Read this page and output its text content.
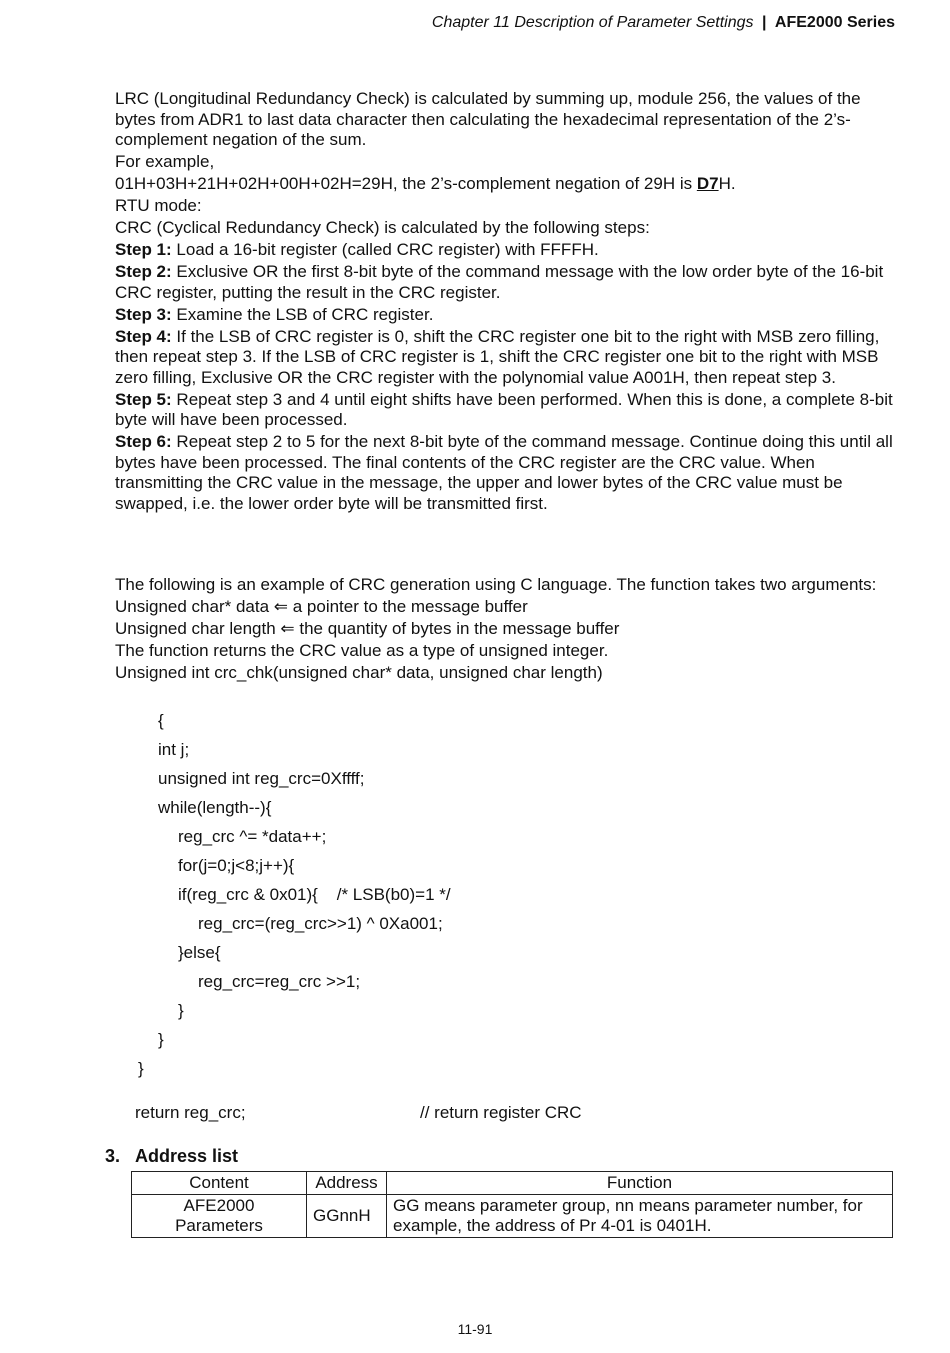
Chapter 11 Description of Parameter Settings | AFE2000 Series
LRC (Longitudinal Redundancy Check) is calculated by summing up, module 256, the values of the bytes from ADR1 to last data character then calculating the hexadecimal representation of the 2’s-complement negation of the sum.
For example,
01H+03H+21H+02H+00H+02H=29H, the 2’s-complement negation of 29H is D7H.
RTU mode:
CRC (Cyclical Redundancy Check) is calculated by the following steps:
Step 1: Load a 16-bit register (called CRC register) with FFFFH.
Step 2: Exclusive OR the first 8-bit byte of the command message with the low order byte of the 16-bit CRC register, putting the result in the CRC register.
Step 3: Examine the LSB of CRC register.
Step 4: If the LSB of CRC register is 0, shift the CRC register one bit to the right with MSB zero filling, then repeat step 3. If the LSB of CRC register is 1, shift the CRC register one bit to the right with MSB zero filling, Exclusive OR the CRC register with the polynomial value A001H, then repeat step 3.
Step 5: Repeat step 3 and 4 until eight shifts have been performed. When this is done, a complete 8-bit byte will have been processed.
Step 6: Repeat step 2 to 5 for the next 8-bit byte of the command message. Continue doing this until all bytes have been processed. The final contents of the CRC register are the CRC value. When transmitting the CRC value in the message, the upper and lower bytes of the CRC value must be swapped, i.e. the lower order byte will be transmitted first.
The following is an example of CRC generation using C language. The function takes two arguments:
Unsigned char* data ⇐ a pointer to the message buffer
Unsigned char length ⇐ the quantity of bytes in the message buffer
The function returns the CRC value as a type of unsigned integer.
Unsigned int crc_chk(unsigned char* data, unsigned char length)
{
int j;
unsigned int reg_crc=0Xffff;
while(length--){
reg_crc ^= *data++;
for(j=0;j<8;j++){
if(reg_crc & 0x01){    /* LSB(b0)=1 */
reg_crc=(reg_crc>>1) ^ 0Xa001;
}else{
reg_crc=reg_crc >>1;
}
}
}
return reg_crc;	// return register CRC
3. Address list
Content	Address	Function
AFE2000 Parameters	GGnnH	GG means parameter group, nn means parameter number, for example, the address of Pr 4-01 is 0401H.
11-91
